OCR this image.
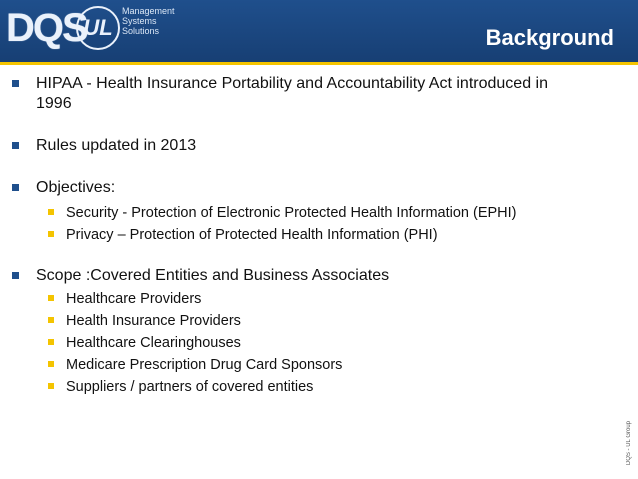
DQS
UL
Management
Systems
Solutions	Background
HIPAA - Health Insurance Portability and Accountability Act introduced in 1996
Rules updated in 2013
Objectives:
Security - Protection of Electronic Protected Health Information (EPHI)
Privacy – Protection of Protected Health Information (PHI)
Scope :Covered Entities and Business Associates
Healthcare Providers
Health Insurance Providers
Healthcare Clearinghouses
Medicare Prescription Drug Card Sponsors
Suppliers / partners of covered entities
DQS - UL Group
